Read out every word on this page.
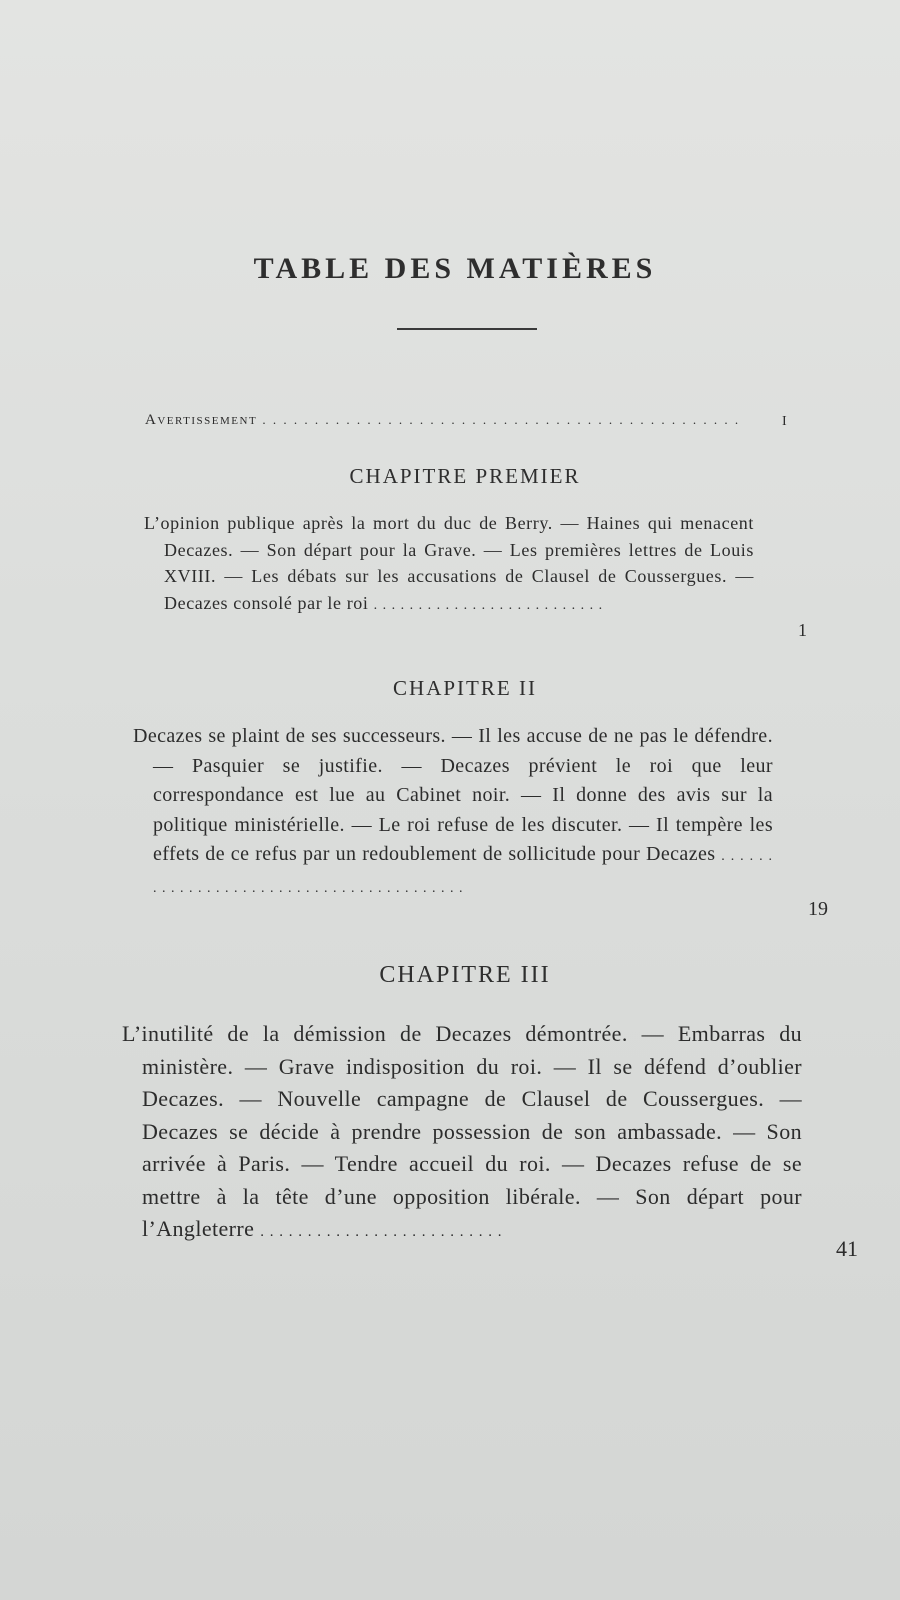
TABLE DES MATIÈRES
Avertissement . . . . . . . . . . . . . . . . . . . . . . . . . . . . . . . . . . . . . . . . . . . . . .	I
CHAPITRE PREMIER
L’opinion publique après la mort du duc de Berry. — Haines qui menacent Decazes. — Son départ pour la Grave. — Les premières lettres de Louis XVIII. — Les débats sur les accusations de Clausel de Coussergues. — Decazes consolé par le roi . . . . . . . . . . . . . . . . . . . . . . . . . .
1
CHAPITRE II
Decazes se plaint de ses successeurs. — Il les accuse de ne pas le défendre. — Pasquier se justifie. — Decazes prévient le roi que leur correspondance est lue au Cabinet noir. — Il donne des avis sur la politique ministérielle. — Le roi refuse de les discuter. — Il tempère les effets de ce refus par un redoublement de sollicitude pour Decazes . . . . . . . . . . . . . . . . . . . . . . . . . . . . . . . . . . . . . . . . .
19
CHAPITRE III
L’inutilité de la démission de Decazes démontrée. — Embarras du ministère. — Grave indisposition du roi. — Il se défend d’oublier Decazes. — Nouvelle campagne de Clausel de Coussergues. — Decazes se décide à prendre possession de son ambassade. — Son arrivée à Paris. — Tendre accueil du roi. — Decazes refuse de se mettre à la tête d’une opposition libérale. — Son départ pour l’Angleterre . . . . . . . . . . . . . . . . . . . . . . . . . .
41
